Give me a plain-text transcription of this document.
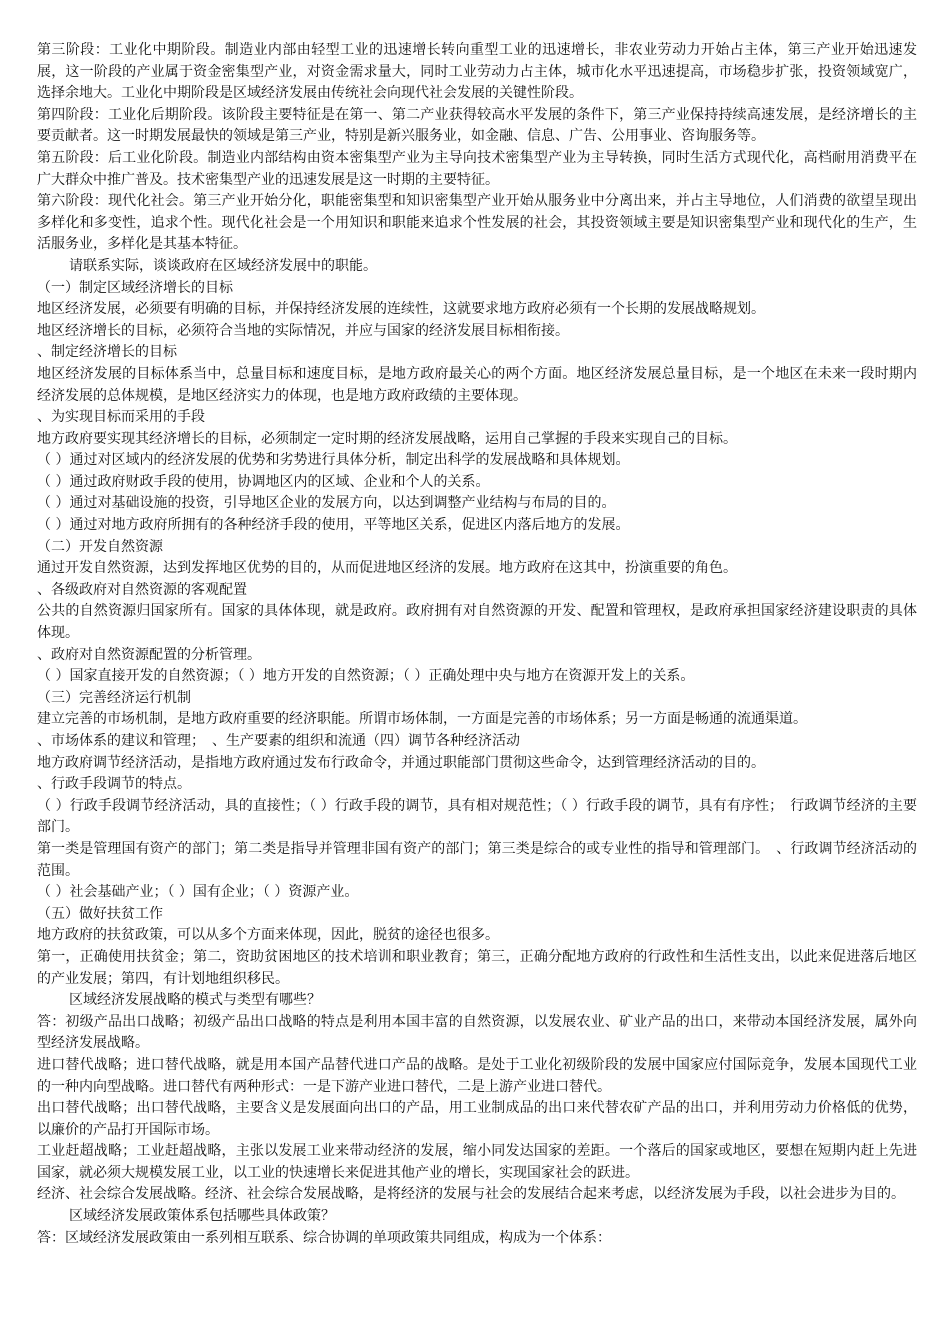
第三阶段：工业化中期阶段。制造业内部由轻型工业的迅速增长转向重型工业的迅速增长，非农业劳动力开始占主体，第三产业开始迅速发展，这一阶段的产业属于资金密集型产业，对资金需求量大，同时工业劳动力占主体，城市化水平迅速提高，市场稳步扩张，投资领域宽广，选择余地大。工业化中期阶段是区域经济发展由传统社会向现代社会发展的关键性阶段。

第四阶段：工业化后期阶段。该阶段主要特征是在第一、第二产业获得较高水平发展的条件下，第三产业保持持续高速发展，是经济增长的主要贡献者。这一时期发展最快的领域是第三产业，特别是新兴服务业，如金融、信息、广告、公用事业、咨询服务等。

第五阶段：后工业化阶段。制造业内部结构由资本密集型产业为主导向技术密集型产业为主导转换，同时生活方式现代化，高档耐用消费平在广大群众中推广普及。技术密集型产业的迅速发展是这一时期的主要特征。

第六阶段：现代化社会。第三产业开始分化，职能密集型和知识密集型产业开始从服务业中分离出来，并占主导地位，人们消费的欲望呈现出多样化和多变性，追求个性。现代化社会是一个用知识和职能来追求个性发展的社会，其投资领域主要是知识密集型产业和现代化的生产，生活服务业，多样化是其基本特征。

请联系实际，谈谈政府在区域经济发展中的职能。

（一）制定区域经济增长的目标

地区经济发展，必须要有明确的目标，并保持经济发展的连续性，这就要求地方政府必须有一个长期的发展战略规划。

地区经济增长的目标，必须符合当地的实际情况，并应与国家的经济发展目标相衔接。

、制定经济增长的目标

地区经济发展的目标体系当中，总量目标和速度目标，是地方政府最关心的两个方面。地区经济发展总量目标，是一个地区在未来一段时期内经济发展的总体规模，是地区经济实力的体现，也是地方政府政绩的主要体现。

、为实现目标而采用的手段

地方政府要实现其经济增长的目标，必须制定一定时期的经济发展战略，运用自己掌握的手段来实现自己的目标。

（ ）通过对区域内的经济发展的优势和劣势进行具体分析，制定出科学的发展战略和具体规划。

（ ）通过政府财政手段的使用，协调地区内的区域、企业和个人的关系。

（ ）通过对基础设施的投资，引导地区企业的发展方向，以达到调整产业结构与布局的目的。

（ ）通过对地方政府所拥有的各种经济手段的使用，平等地区关系，促进区内落后地方的发展。

（二）开发自然资源

通过开发自然资源，达到发挥地区优势的目的，从而促进地区经济的发展。地方政府在这其中，扮演重要的角色。

、各级政府对自然资源的客观配置

公共的自然资源归国家所有。国家的具体体现，就是政府。政府拥有对自然资源的开发、配置和管理权，是政府承担国家经济建设职责的具体体现。

、政府对自然资源配置的分析管理。

（ ）国家直接开发的自然资源；（ ）地方开发的自然资源；（ ）正确处理中央与地方在资源开发上的关系。

（三）完善经济运行机制

建立完善的市场机制，是地方政府重要的经济职能。所谓市场体制，一方面是完善的市场体系；另一方面是畅通的流通渠道。

、市场体系的建议和管理；　、生产要素的组织和流通（四）调节各种经济活动

地方政府调节经济活动，是指地方政府通过发布行政命令，并通过职能部门贯彻这些命令，达到管理经济活动的目的。

、行政手段调节的特点。

（ ）行政手段调节经济活动，具的直接性；（ ）行政手段的调节，具有相对规范性；（ ）行政手段的调节，具有有序性；　行政调节经济的主要部门。

第一类是管理国有资产的部门；第二类是指导并管理非国有资产的部门；第三类是综合的或专业性的指导和管理部门。　、行政调节经济活动的范围。

（ ）社会基础产业；（ ）国有企业；（ ）资源产业。

（五）做好扶贫工作

地方政府的扶贫政策，可以从多个方面来体现，因此，脱贫的途径也很多。

第一，正确使用扶贫金；第二，资助贫困地区的技术培训和职业教育；第三，正确分配地方政府的行政性和生活性支出，以此来促进落后地区的产业发展；第四，有计划地组织移民。

区域经济发展战略的模式与类型有哪些？

答：初级产品出口战略；初级产品出口战略的特点是利用本国丰富的自然资源，以发展农业、矿业产品的出口，来带动本国经济发展，属外向型经济发展战略。

进口替代战略；进口替代战略，就是用本国产品替代进口产品的战略。是处于工业化初级阶段的发展中国家应付国际竞争，发展本国现代工业的一种内向型战略。进口替代有两种形式：一是下游产业进口替代，二是上游产业进口替代。

出口替代战略；出口替代战略，主要含义是发展面向出口的产品，用工业制成品的出口来代替农矿产品的出口，并利用劳动力价格低的优势，以廉价的产品打开国际市场。

工业赶超战略；工业赶超战略，主张以发展工业来带动经济的发展，缩小同发达国家的差距。一个落后的国家或地区，要想在短期内赶上先进国家，就必须大规模发展工业，以工业的快速增长来促进其他产业的增长，实现国家社会的跃进。

经济、社会综合发展战略。经济、社会综合发展战略，是将经济的发展与社会的发展结合起来考虑，以经济发展为手段，以社会进步为目的。

区域经济发展政策体系包括哪些具体政策？

答：区域经济发展政策由一系列相互联系、综合协调的单项政策共同组成，构成为一个体系：
